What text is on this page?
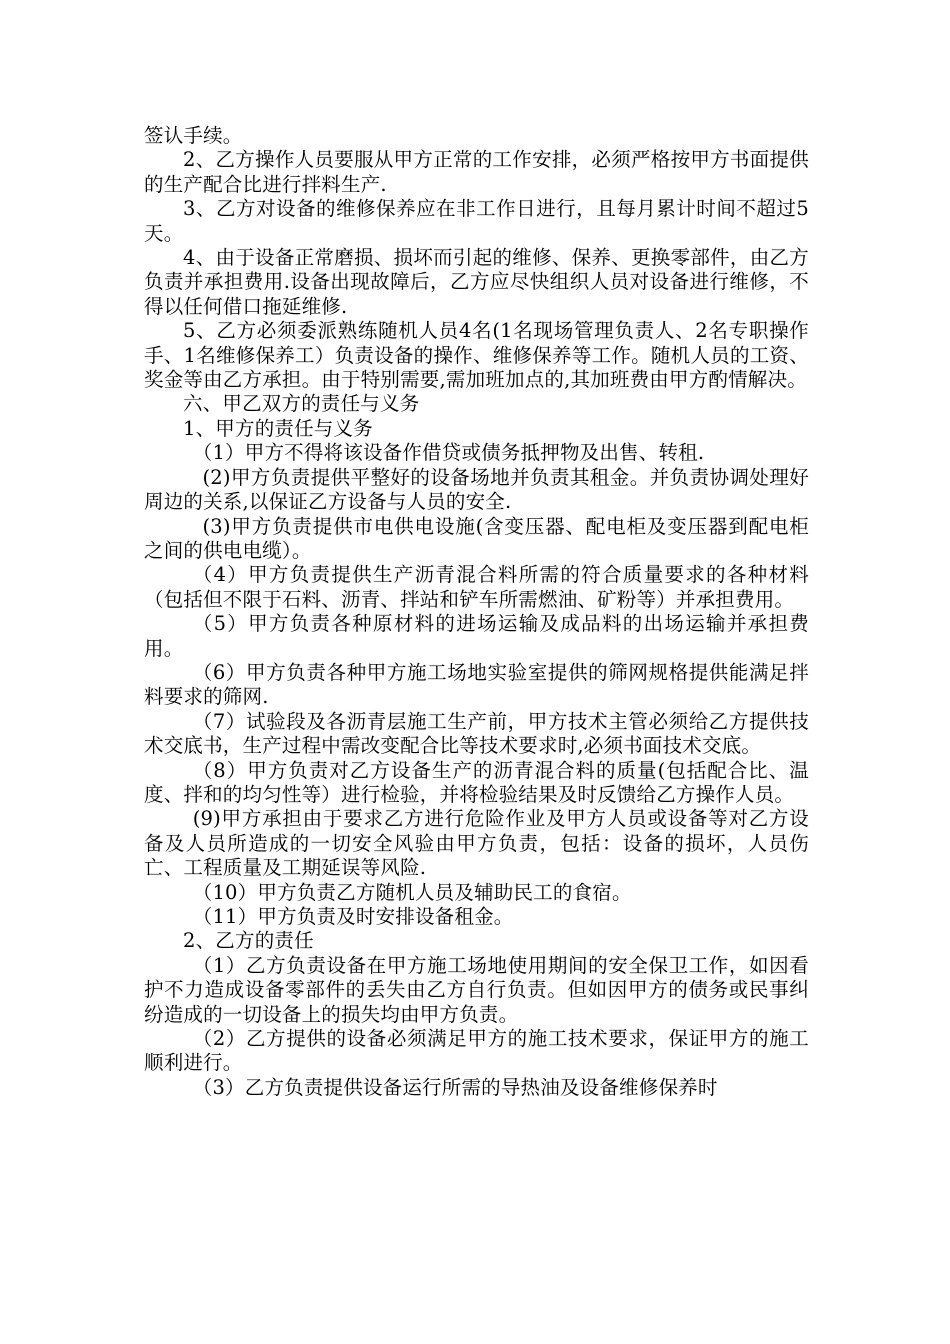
签认手续。

2、乙方操作人员要服从甲方正常的工作安排，必须严格按甲方书面提供的生产配合比进行拌料生产.

3、乙方对设备的维修保养应在非工作日进行，且每月累计时间不超过5天。

4、由于设备正常磨损、损坏而引起的维修、保养、更换零部件，由乙方负责并承担费用.设备出现故障后，乙方应尽快组织人员对设备进行维修，不得以任何借口拖延维修.

5、乙方必须委派熟练随机人员4名(1名现场管理负责人、2名专职操作手、1名维修保养工）负责设备的操作、维修保养等工作。随机人员的工资、奖金等由乙方承担。由于特别需要,需加班加点的,其加班费由甲方酌情解决。

六、甲乙双方的责任与义务

1、甲方的责任与义务

（1）甲方不得将该设备作借贷或债务抵押物及出售、转租.

(2)甲方负责提供平整好的设备场地并负责其租金。并负责协调处理好周边的关系,以保证乙方设备与人员的安全.

(3)甲方负责提供市电供电设施(含变压器、配电柜及变压器到配电柜之间的供电电缆）。

（4）甲方负责提供生产沥青混合料所需的符合质量要求的各种材料（包括但不限于石料、沥青、拌站和铲车所需燃油、矿粉等）并承担费用。

（5）甲方负责各种原材料的进场运输及成品料的出场运输并承担费用。

（6）甲方负责各种甲方施工场地实验室提供的筛网规格提供能满足拌料要求的筛网.

（7）试验段及各沥青层施工生产前，甲方技术主管必须给乙方提供技术交底书，生产过程中需改变配合比等技术要求时,必须书面技术交底。

（8）甲方负责对乙方设备生产的沥青混合料的质量(包括配合比、温度、拌和的均匀性等）进行检验，并将检验结果及时反馈给乙方操作人员。

(9)甲方承担由于要求乙方进行危险作业及甲方人员或设备等对乙方设备及人员所造成的一切安全风验由甲方负责，包括：设备的损坏，人员伤亡、工程质量及工期延误等风险.

（10）甲方负责乙方随机人员及辅助民工的食宿。

（11）甲方负责及时安排设备租金。

2、乙方的责任

（1）乙方负责设备在甲方施工场地使用期间的安全保卫工作，如因看护不力造成设备零部件的丢失由乙方自行负责。但如因甲方的债务或民事纠纷造成的一切设备上的损失均由甲方负责。

（2）乙方提供的设备必须满足甲方的施工技术要求，保证甲方的施工顺利进行。

（3）乙方负责提供设备运行所需的导热油及设备维修保养时
